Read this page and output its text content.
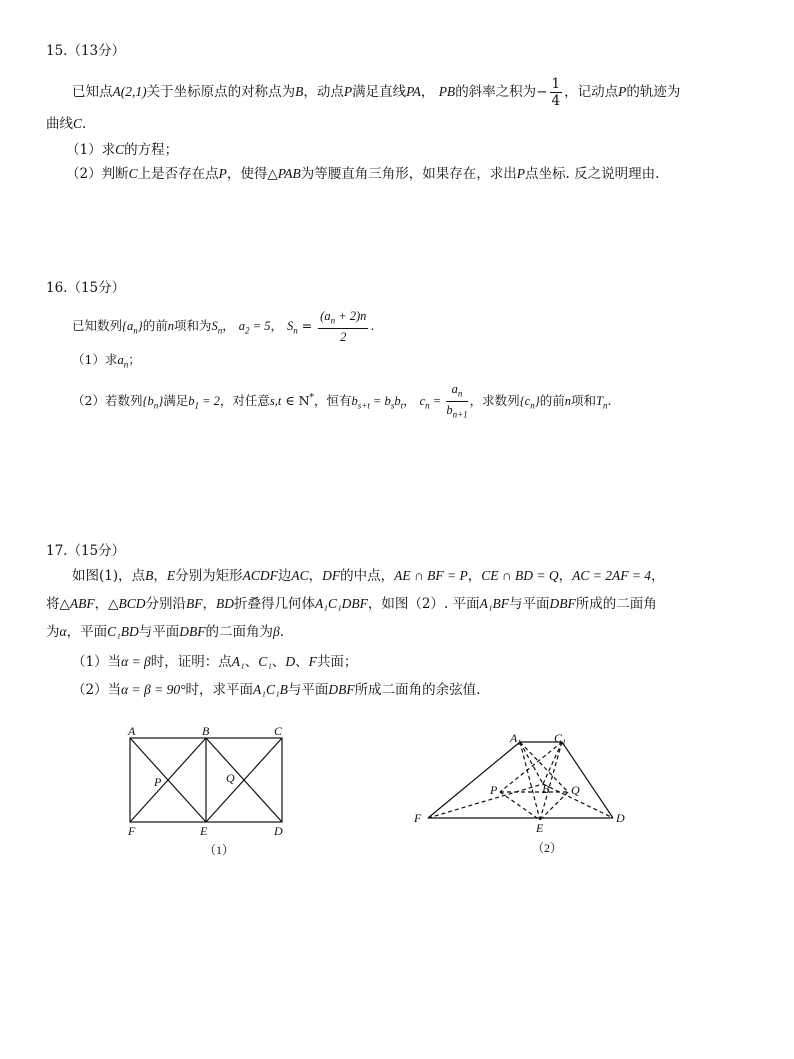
15.（13分）
已知点A(2,1)关于坐标原点的对称点为B，动点P满足直线PA， PB的斜率之积为− $\frac{1}{4}$ ，记动点P的轨迹为
曲线C.
（1）求C的方程；
（2）判断C上是否存在点P，使得△PAB为等腰直角三角形，如果存在，求出P点坐标. 反之说明理由.
16.（15分）
已知数列$\{a_n\}$的前n项和为$S_n$， $a_2 = 5$， $S_n = \frac{(a_n + 2)n}{2}$ .
（1）求$a_n$；
（2）若数列$\{b_n\}$满足$b_1 = 2$，对任意s,t ∈ N*，恒有$b_{s+t} = b_sb_t$， $c_n = \frac{a_n}{b_{n+1}}$ ，求数列$\{c_n\}$的前n项和$T_n$.
17.（15分）
如图(1)，点B，E分别为矩形ACDF边AC，DF的中点，AE ∩ BF = P，CE ∩ BD = Q，AC = 2AF = 4，
将△ABF，△BCD分别沿BF，BD折叠得几何体A₁C₁DBF，如图（2）. 平面A₁BF与平面DBF所成的二面角
为α，平面C₁BD与平面DBF的二面角为β.
（1）当α = β时，证明：点A₁、C₁、D、F共面；
（2）当α = β = 90°时，求平面A₁C₁B与平面DBF所成二面角的余弦值.
A	B	C
F	E	D
P	Q
（1）
$A_1$	$C_1$
F
E
D
P	Q
B
（2）
